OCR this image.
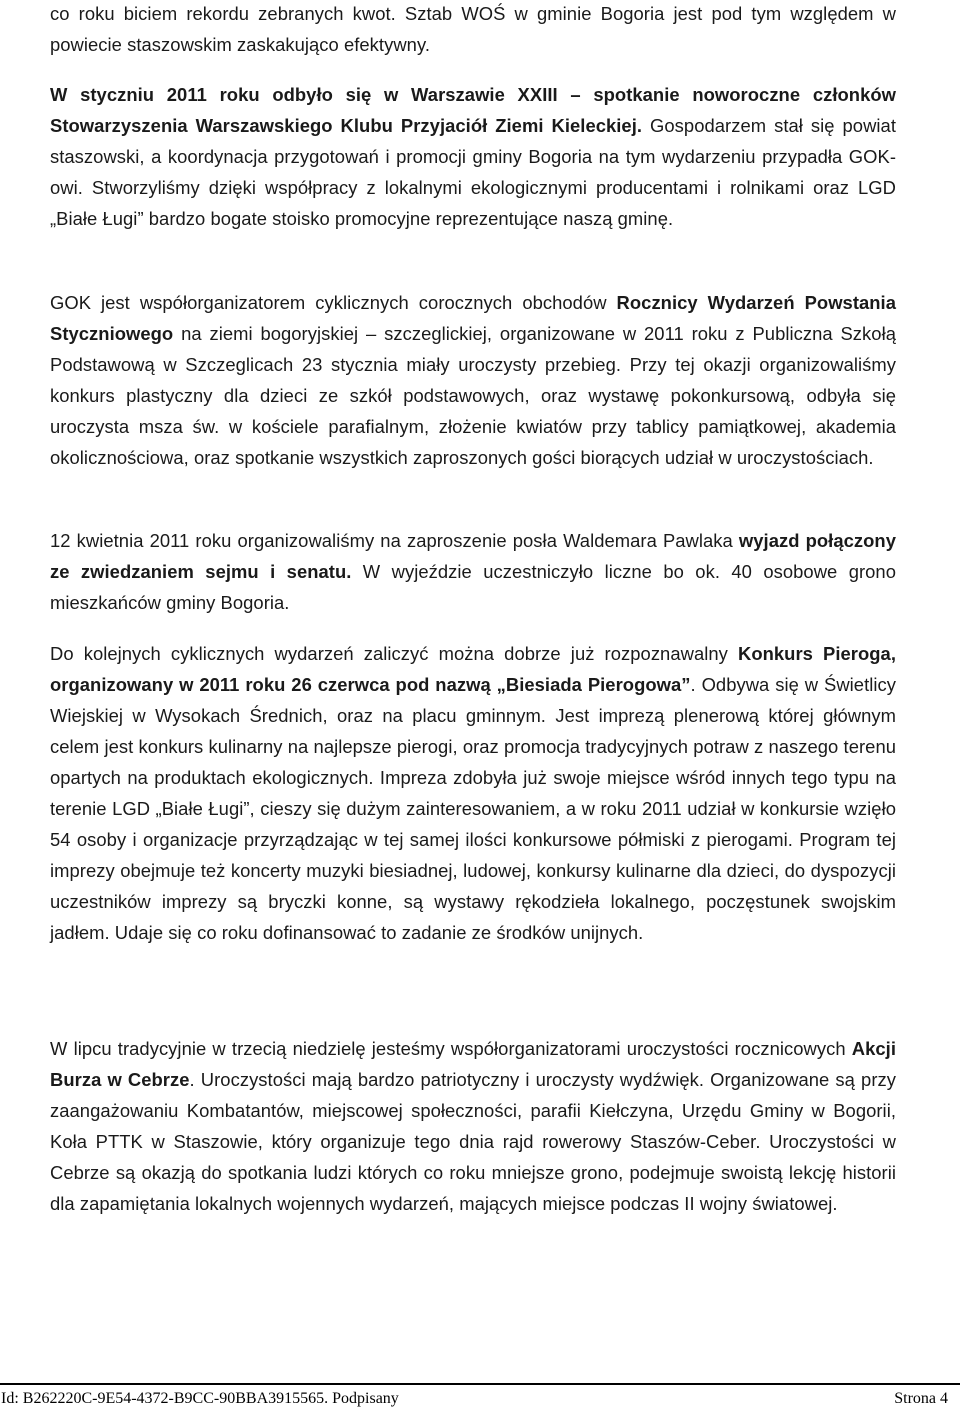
co roku biciem rekordu zebranych kwot. Sztab WOŚ w gminie Bogoria jest pod tym względem w powiecie staszowskim zaskakująco efektywny.

W styczniu 2011 roku odbyło się w Warszawie XXIII – spotkanie noworoczne członków Stowarzyszenia Warszawskiego Klubu Przyjaciół Ziemi Kieleckiej. Gospodarzem stał się powiat staszowski, a koordynacja przygotowań i promocji gminy Bogoria na tym wydarzeniu przypadła GOK-owi. Stworzyliśmy dzięki współpracy z lokalnymi ekologicznymi producentami i rolnikami oraz LGD „Białe Ługi” bardzo bogate stoisko promocyjne reprezentujące naszą gminę.

GOK jest współorganizatorem cyklicznych corocznych obchodów Rocznicy Wydarzeń Powstania Styczniowego na ziemi bogoryjskiej – szczeglickiej, organizowane w 2011 roku z Publiczna Szkołą Podstawową w Szczeglicach 23 stycznia miały uroczysty przebieg. Przy tej okazji organizowaliśmy konkurs plastyczny dla dzieci ze szkół podstawowych, oraz wystawę pokonkursową, odbyła się uroczysta msza św. w kościele parafialnym, złożenie kwiatów przy tablicy pamiątkowej, akademia okolicznościowa, oraz spotkanie wszystkich zaproszonych gości biorących udział w uroczystościach.

12 kwietnia 2011 roku organizowaliśmy na zaproszenie posła Waldemara Pawlaka wyjazd połączony ze zwiedzaniem sejmu i senatu. W wyjeździe uczestniczyło liczne bo ok. 40 osobowe grono mieszkańców gminy Bogoria.

Do kolejnych cyklicznych wydarzeń zaliczyć można dobrze już rozpoznawalny Konkurs Pieroga, organizowany w 2011 roku 26 czerwca pod nazwą „Biesiada Pierogowa”. Odbywa się w Świetlicy Wiejskiej w Wysokach Średnich, oraz na placu gminnym. Jest imprezą plenerową której głównym celem jest konkurs kulinarny na najlepsze pierogi, oraz promocja tradycyjnych potraw z naszego terenu opartych na produktach ekologicznych. Impreza zdobyła już swoje miejsce wśród innych tego typu na terenie LGD „Białe Ługi”, cieszy się dużym zainteresowaniem, a w roku 2011 udział w konkursie wzięło 54 osoby i organizacje przyrządzając w tej samej ilości konkursowe półmiski z pierogami. Program tej imprezy obejmuje też koncerty muzyki biesiadnej, ludowej, konkursy kulinarne dla dzieci, do dyspozycji uczestników imprezy są bryczki konne, są wystawy rękodzieła lokalnego, poczęstunek swojskim jadłem. Udaje się co roku dofinansować to zadanie ze środków unijnych.

W lipcu tradycyjnie w trzecią niedzielę jesteśmy współorganizatorami uroczystości rocznicowych Akcji Burza w Cebrze. Uroczystości mają bardzo patriotyczny i uroczysty wydźwięk. Organizowane są przy zaangażowaniu Kombatantów, miejscowej społeczności, parafii Kiełczyna, Urzędu Gminy w Bogorii, Koła PTTK w Staszowie, który organizuje tego dnia rajd rowerowy Staszów-Ceber. Uroczystości w Cebrze są okazją do spotkania ludzi których co roku mniejsze grono, podejmuje swoistą lekcję historii dla zapamiętania lokalnych wojennych wydarzeń, mających miejsce podczas II wojny światowej.

Id: B262220C-9E54-4372-B9CC-90BBA3915565. Podpisany	Strona 4
